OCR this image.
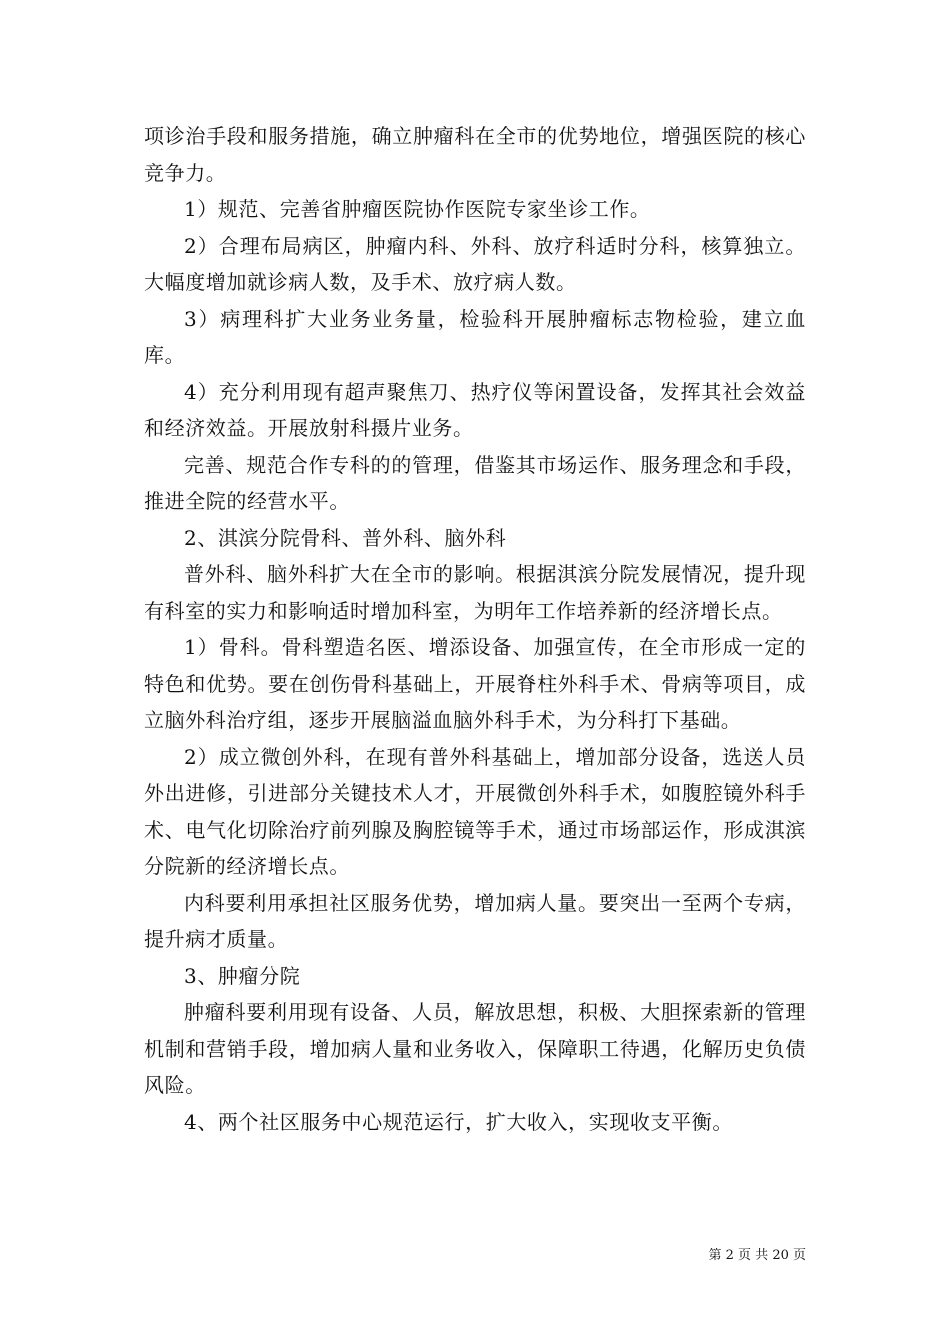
项诊治手段和服务措施，确立肿瘤科在全市的优势地位，增强医院的核心竞争力。

1）规范、完善省肿瘤医院协作医院专家坐诊工作。

2）合理布局病区，肿瘤内科、外科、放疗科适时分科，核算独立。大幅度增加就诊病人数，及手术、放疗病人数。

3）病理科扩大业务业务量，检验科开展肿瘤标志物检验，建立血库。

4）充分利用现有超声聚焦刀、热疗仪等闲置设备，发挥其社会效益和经济效益。开展放射科摄片业务。

完善、规范合作专科的的管理，借鉴其市场运作、服务理念和手段，推进全院的经营水平。

2、淇滨分院骨科、普外科、脑外科

普外科、脑外科扩大在全市的影响。根据淇滨分院发展情况，提升现有科室的实力和影响适时增加科室，为明年工作培养新的经济增长点。

1）骨科。骨科塑造名医、增添设备、加强宣传，在全市形成一定的特色和优势。要在创伤骨科基础上，开展脊柱外科手术、骨病等项目，成立脑外科治疗组，逐步开展脑溢血脑外科手术，为分科打下基础。

2）成立微创外科，在现有普外科基础上，增加部分设备，选送人员外出进修，引进部分关键技术人才，开展微创外科手术，如腹腔镜外科手术、电气化切除治疗前列腺及胸腔镜等手术，通过市场部运作，形成淇滨分院新的经济增长点。

内科要利用承担社区服务优势，增加病人量。要突出一至两个专病，提升病才质量。

3、肿瘤分院

肿瘤科要利用现有设备、人员，解放思想，积极、大胆探索新的管理机制和营销手段，增加病人量和业务收入，保障职工待遇，化解历史负债风险。

4、两个社区服务中心规范运行，扩大收入，实现收支平衡。

第 2 页 共 20 页
